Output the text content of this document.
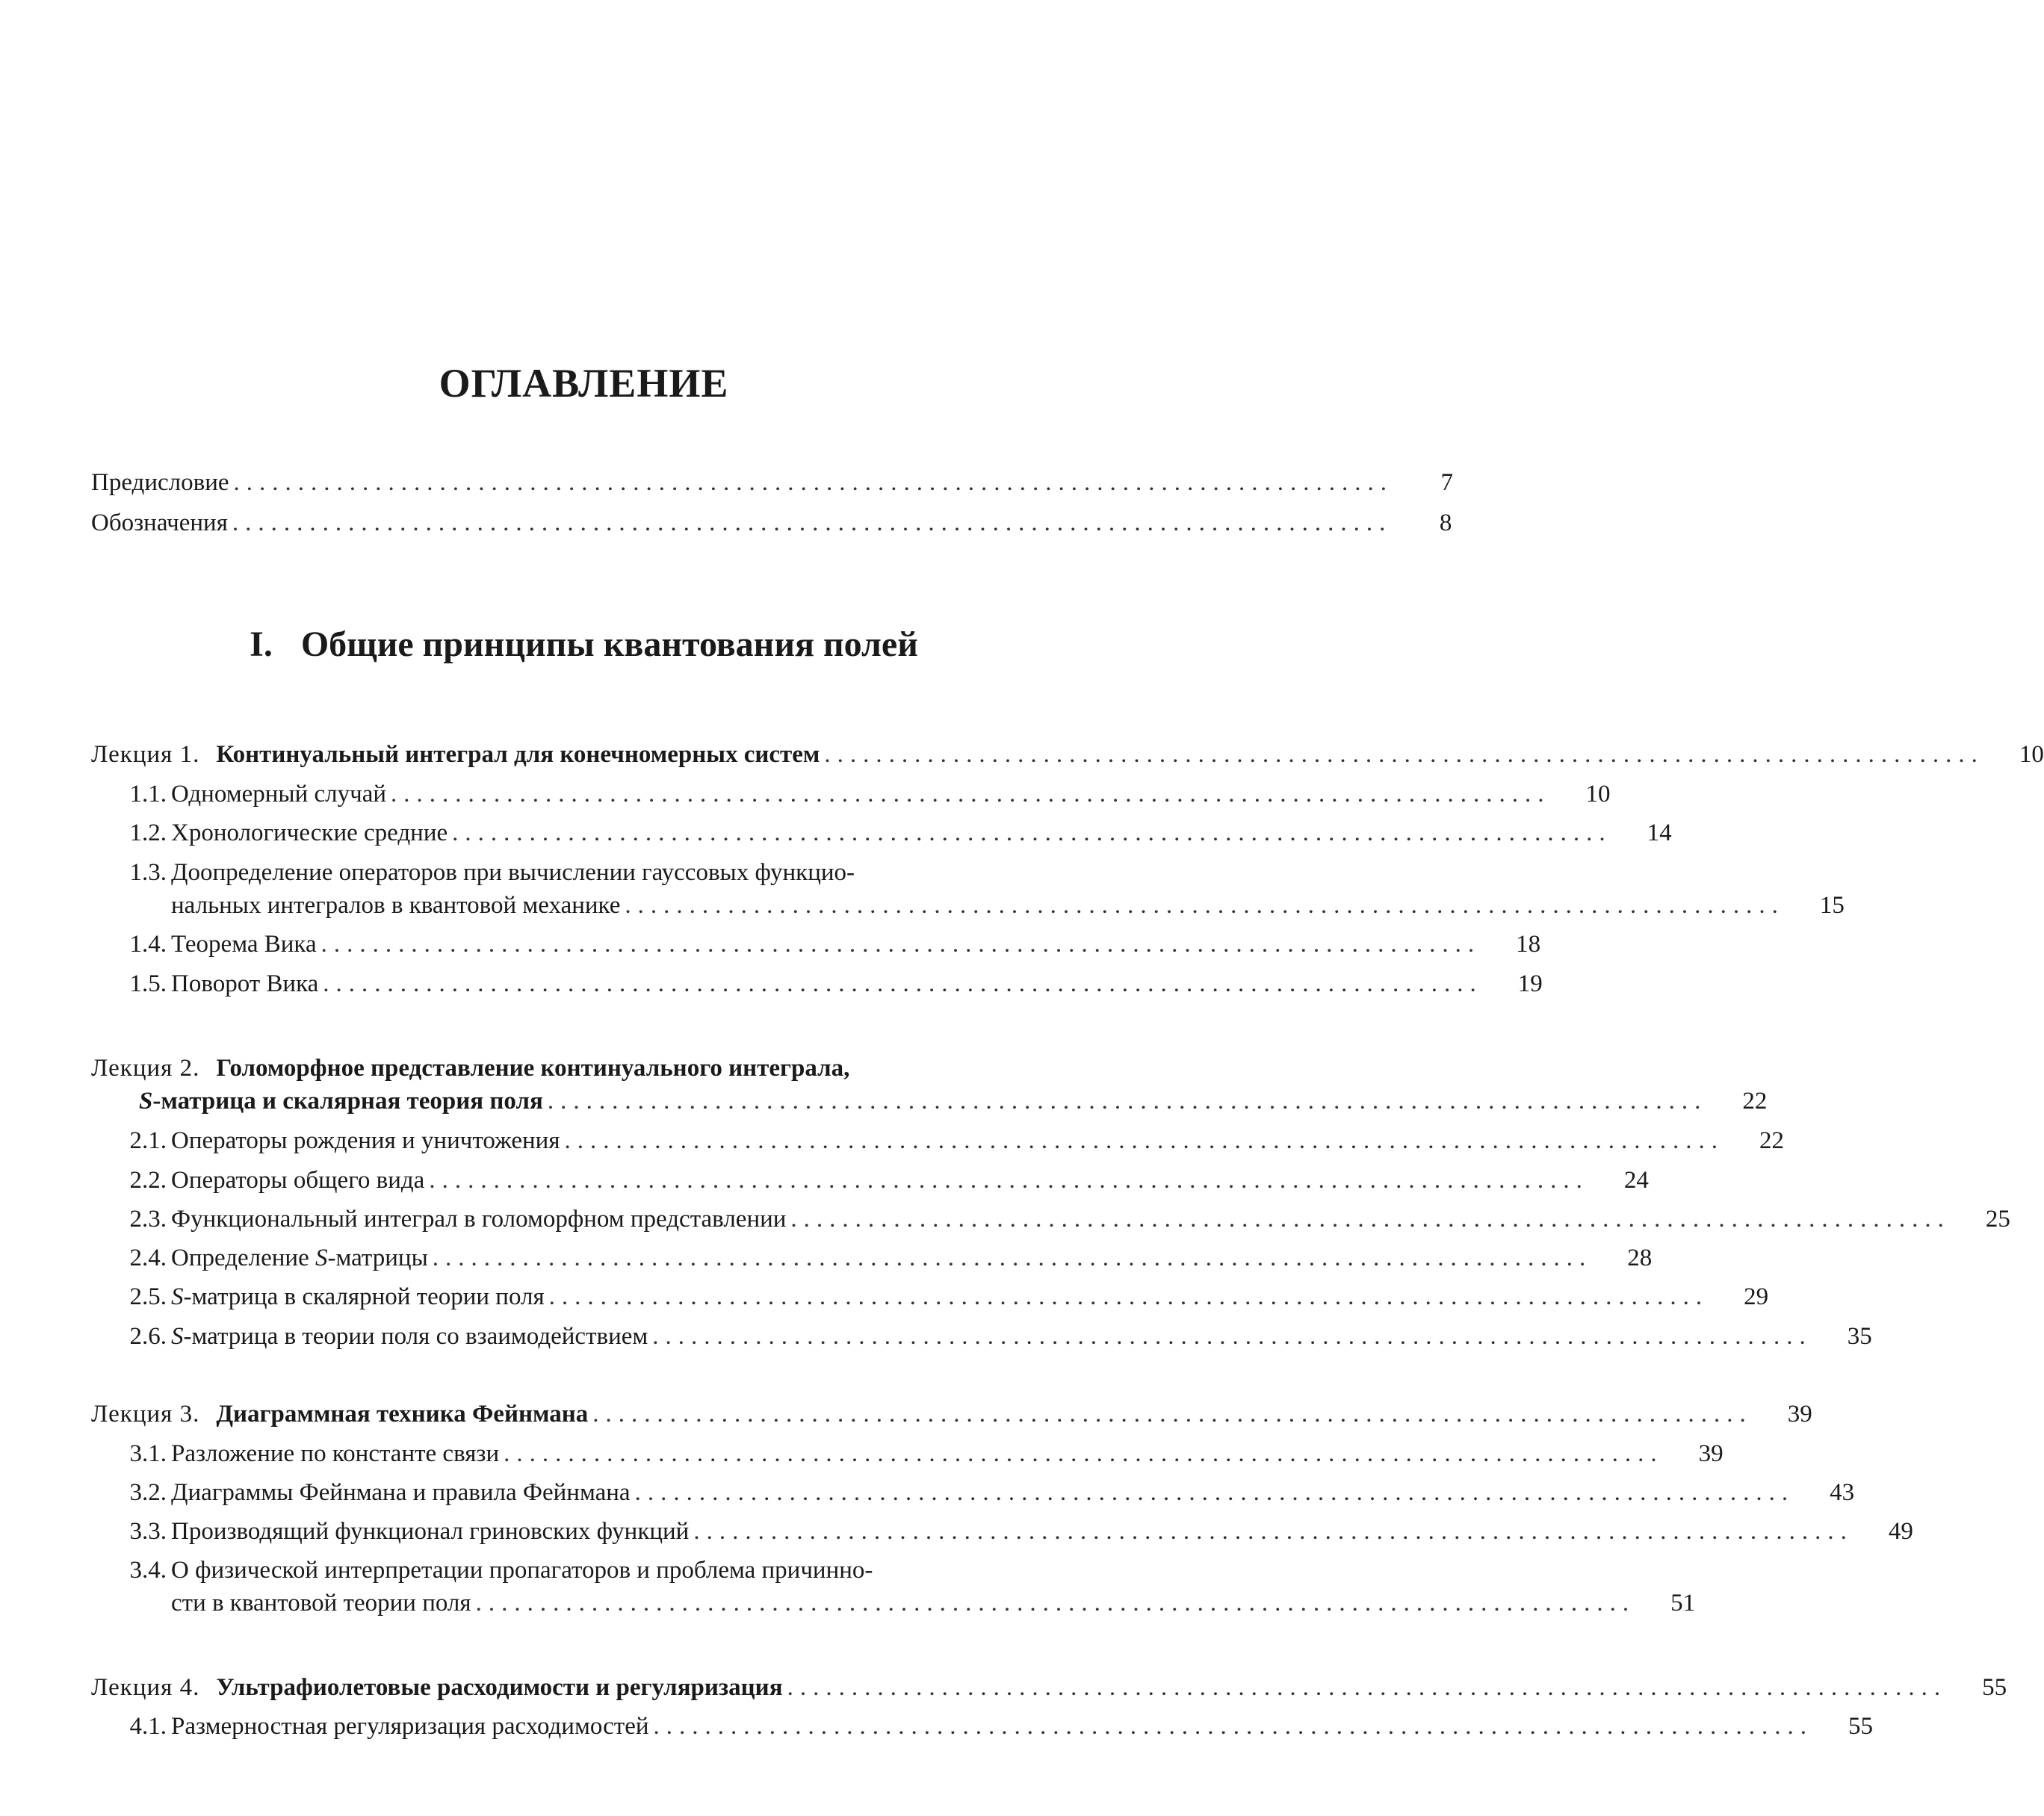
ОГЛАВЛЕНИЕ
Предисловие ..........................................................................................	7
Обозначения ..........................................................................................	8
I. Общие принципы квантования полей
Лекция 1. Континуальный интеграл для конечномерных систем .......................................................................................... 10
1.1. Одномерный случай .......................................................................................... 10
1.2. Хронологические средние .......................................................................................... 14
1.3. Доопределение операторов при вычислении гауссовых функцио-
нальных интегралов в квантовой механике .......................................................................................... 15
1.4. Теорема Вика .......................................................................................... 18
1.5. Поворот Вика .......................................................................................... 19
Лекция 2. Голоморфное представление континуального интеграла,
S-матрица и скалярная теория поля .......................................................................................... 22
2.1. Операторы рождения и уничтожения .......................................................................................... 22
2.2. Операторы общего вида .......................................................................................... 24
2.3. Функциональный интеграл в голоморфном представлении .......................................................................................... 25
2.4. Определение S-матрицы .......................................................................................... 28
2.5. S-матрица в скалярной теории поля .......................................................................................... 29
2.6. S-матрица в теории поля со взаимодействием .......................................................................................... 35
Лекция 3. Диаграммная техника Фейнмана .......................................................................................... 39
3.1. Разложение по константе связи .......................................................................................... 39
3.2. Диаграммы Фейнмана и правила Фейнмана .......................................................................................... 43
3.3. Производящий функционал гриновских функций .......................................................................................... 49
3.4. О физической интерпретации пропагаторов и проблема причинно-
сти в квантовой теории поля .......................................................................................... 51
Лекция 4. Ультрафиолетовые расходимости и регуляризация .......................................................................................... 55
4.1. Размерностная регуляризация расходимостей .......................................................................................... 55
